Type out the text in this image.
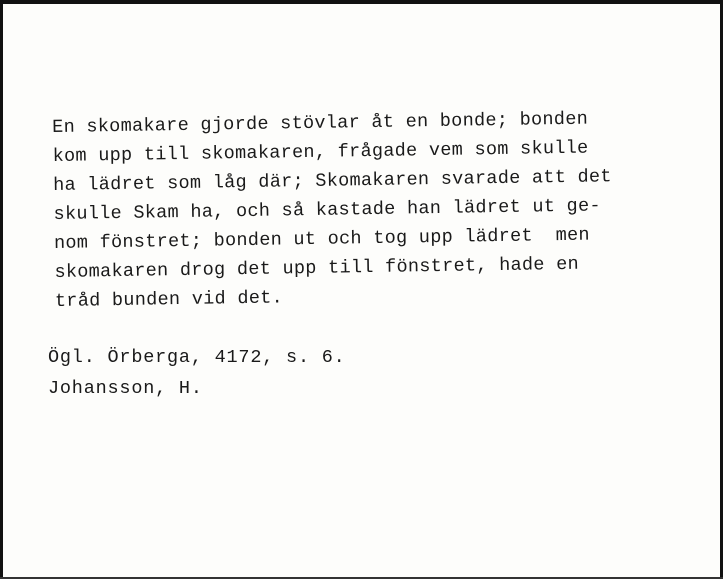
En skomakare gjorde stövlar åt en bonde; bonden
kom upp till skomakaren, frågade vem som skulle
ha lädret som låg där; Skomakaren svarade att det
skulle Skam ha, och så kastade han lädret ut ge-
nom fönstret; bonden ut och tog upp lädret  men
skomakaren drog det upp till fönstret, hade en
tråd bunden vid det.
Ögl. Örberga, 4172, s. 6.
Johansson, H.
